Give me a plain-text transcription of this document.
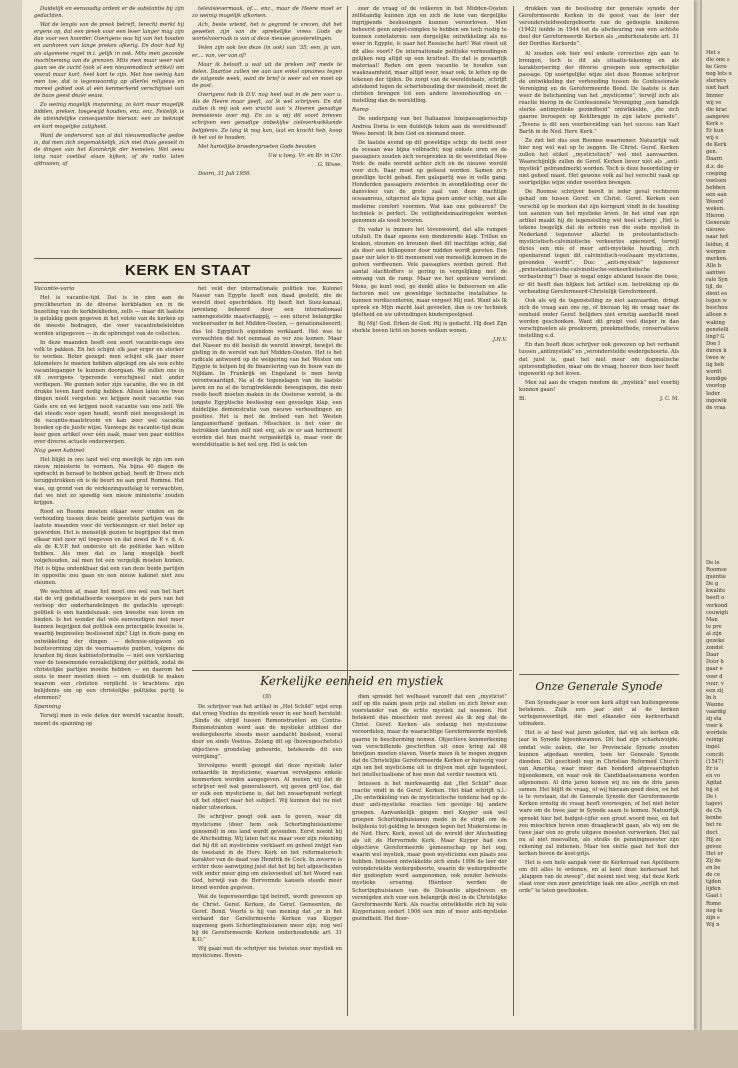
Duidelijk en eenvoudig ordent er de substantie bij zijn gedachten.

Wat de lengte van de preek betreft, terecht merkt hij ergens op, dat een preek voor een leser langer mag zijn dan voor een hoorder. Overigens was hij van het houden en aanhoren van lange preken afkerig. En door had hij als algemene regel m.i. gelijk in ook. Mits men gezonde inachtneming van de grenzen. Mits men maar weer niet gaan we de zucht (ook al een nieuwmodisch artikel) om vooral maar kort, heel kort te zijn. Met hoe weinig kan men toe, dat is tegenwoordig op allerlei religieus en moreel gebied ook al een kenmerkend verschijnsel van de boze geest dezer eeuw.

Zo weinig mogelijk inspanning, zo kort maar mogelijk bidden, preken, toegewijd houden, enz. enz. Feitelijk is de uiteindelijke consequentie hiervan: een zo beknopt en kort mogelijke zaligheid.

Want de ondervorst van al dat nieuwmodische gedoe is, dat men zich ongemakkelijk, zich niet thuis gevoelt in de dingen van het Koninkrijk der hemelen. Wel aeeu lang naar voetbal staan kijken, of de radio laten afdraaien, of

televisievermaak, of.... enz., maar de Heere moet er zo weinig mogelijk afkomen.

Ach, beste vriend, het is gegrond te vrezen, dat het geweten zijn van de sprekelijke vrees Gods de wortelvoorraak is van al deze nieuwe gezeterelingen.

Velen zijn ook ten deze (in ook) van '35; een, ja van, er.... van, ver van of!

Maar ik belooft u wat uit de preken zelf mede te delen. Daartoe zullen we aan aan enkel opnames tegen de volgende week, want de brief is weer vol en moet op de post.

Overigens heb ik D.V. nog heel wat in de pen voor u. Als de Heere maar geeft, zal ik wel schrijven. En dat zullen ik mij ook een vrucht van 's Heeren genadige bemoeienis over mij. En zo u wij dit soort brieven schrijven een genadige onbekijke zielsverkwikkende belijdenis. Zo lang ik nog kan, laat en kracht heb, koop ik het vol te houden.

Met hartelijke broedergroeten Gode bevolen

Uw u toeg. Vr. en Br. in Chr.

G. Wisse.

Doorn, 31 Juli 1956.

zeer de vraag of de volkeren in het Midden-Oosten zelfstandig kunnen zijn en zich de luxe van dergelijke ingrijpende beslissingen kunnen veroorloven. Men beheerst geen angst-complex te hebben om toch rustig te kunnen constateren: een dergelijke ontwikkeling als nu weer in Egypte, is naar het Russische hart! Wat vloeit uit dit alles voort? De internationale politieke verhoudingen gelijken nog altijd op een kruitvat. En dat is gevaarlijk materiaal! Reden om geen vacantie te houden van waakzaamheid, maar altijd weer, waar ook, te letten op de tekenen der tijden. De zorgt van de wereldstaats, schrijft afstekend tegen de schertsbouding der mensheid, moet de christen brengen tot een andere levenshouding en -instelling dan de wereldling.

Ramp

De ondergang van het Italiaanse luxepassagiersschip Andrea Doria is een duidelijk teken aan de wereldwand! Wees bereid: Ik ben God en niemand meer.

De laatste avond op dit geweldige schip: de tocht over de oceaan was bijna volbracht; nog enkele uren en de passagiers zouden zich verspreiden in de wereldstad New York: de oude wereld achter zich en de nieuwe wereld voor zich. Daar moet op gefeest worden. Samen zo'n gezellige tocht gehad. Een galapartij was in volle gang. Honderden passagiers zwierden in avondkleding over de dansvloer van de grote zaal van deze machtige oceaanreus, uitgerust als bijna geen ander schip, van alle moderne comfort voorzien. Wat kan ons gebeuren? De techniek is perfect. De veiligheidsmaatregelen worden genomen als nooit tevoren.

En vadar is immers het tovenwoord, dat alle rampen uitsluit. En daar opeens een donderende klap. Trillen en kraken, steunen en kreunen doet dit machtige schip, dat als door een blikopener door midden wordt gereten. Een paar uur later is dit monument van menselijk kunnen in de golven verdwenen. Vele passagiers worden gered. Het aantal slachtoffers is gering in vergelijking met de omvang van de ramp. Maar we het opnieuw verstond: Mens, ge kunt veel, ge denkt alles te beheersen en alle factoren met uw geweldige technische installaties te kunnen verdisconteren, maar vergeet Mij niet. Want als Ik spreek en Mijn macht laat gevoelen, dan is uw techniek ijdelheid en uw uitvindingen kinderspeelgoed.

Bij Mij! God. Erken de God. Hij is gedacht. Hij doet Zijn sterkte boven licht en boven wolken wonen.

J.H.V.

drukken van de beslissing der generale synode der Gereformeerde Kerken in de geest van de leer der verondersteldwedergeboorte van de gedoopte kinderen (1942) leidde in 1944 tot de afscheuring van een achtste deel der Gereformeerde Kerken als „onderhoudende art. 31 der Dordtse Kerkorde”.

Al zouden ook hier wel enkele correcties zijn aan te brengen, toch is dit als situatie-tekening en als karakterisering der diverse groepen een opmerkelijke passage. Op soortgelijke wijze ziet deze Roomse schrijver de ontwikkeling der verhouding tussen de Confessionele Vereniging en de Gereformeerde Bond. De laatste is dan weer de belichaming van het „mysticisme”, terwijl zich als reactie hierop in de Confessionele Vereniging „een tamelijk sterke antimystieke gezindheid” ontwikkelde, „die zich gaarne beroepen op Kohlbrugge in zijn latere periode”. „Tevens is dit een voorbereiding van het succes van Karl Barth in de Ned. Herv. Kerk.”

Zo ziet het dus een Roomse waarnemer. Natuurlijk valt hier nog wel wat op te zeggen. De Christ. Geref. Kerken zullen het etiket „mysticistisch” wel niet aanvaarden. Waarschijnlijk zullen de Geref. Kerken liever niet als „anti-mystiek” gebrandmerkt worden. Toch is deze beoordeling er niet geheel naast. Het gewone volk zal het verschil vaak op soortgelijke wijze onder woorden brengen.

De Roomse schrijver berelt in ieder geval rechteren gehad om tussen Geref. en Christ. Geref. Kerken een verschil op te merken dat zijn kernpunt vindt in de houding ten aanzien van het mystieke leven. In het eind van zijn artikel maakt hij de tegenstelling wel heel scherp: „Het is tekens toegelijk dat de erfenis van die oude mystiek in Nederland tegenover allerlei in protestantistisch-mysticistisch-calvinistische verkeertes spiereerd, terwijl dicies een mis of meer anti-mystieke houding, zich openbarend tegen dit calvinistisch-voelsaam mysticisme, gevonden wordt”. Dus: „anti-mystiek” tegenover „pretestantistische-calvinistische-verkeerlistische verbastering”! Daar is nogal enige afstand tussen die twee, er dit heeft dan blijken het artikel o.m. betrekking op de verhouding Gereformeerd-Christelijk Gereformeerd.

Ook als wij de tegenstelling zo niet aanvaarden, dringt zich de vraag aan ons op, of hieraan bij de vraag naar de eenheid onder Geref. belijders niet ernstig aandacht moet worden geschonken. Want dit gruipt veel dieper in dan verschijnselen als preekvorm, preekmethode, conservatieve instelling e.d.

En dan heeft deze schrijver ook gewezen op het verband tussen „antimystiek” en „veronderstelde wedergeboorte. Als dat juist is, gaat het niet meer om dogmatische spitsvondigheden, maar om de vraag, hoever deze leer heeft ingewerkt op het leven.

Men zal aan de vragen rondom de „mystiek” niet voorbij kunnen gaan!

Bl.	J. C. M.
KERK EN STAAT

Vacantie-varia

Het is vacantie-tijd. Dat is te zien aan de precikbeurten in de diverse kerkbladen en in de bezetting van de kerkbeklieden, zelfs — maar dit laatste is gelukkig geen gegeven in het volste van de kerken op de meeste bedragen, die voor vacantiebeleleiden worden uitgegeven — in de opbrengst van de collecten.

In deze maanden heeft een soort vacantie-rage ons volk te pakken. En het schijnt elk jaar erger en sterker te worden. Beter gezegd: men schijnt elk jaar meer kilometers te moeten hebben afgelegd om als een echte vacantieganger te kunnen doorgaan. We zullen ons in dit overigens typerende verschijnsel niet ander verdiepen. We gunnen ieder zijn vacantie, die we in dit drukke leven hard nodig hebben. Alleen laten we twee dingen noolt vergeten: we krijgen nooit vacantie van Gods ere en we krijgen nooit vacantie van ons zelf. We dat steeds voor ogen houdt, wordt niet meegesleept in de vacantie-maalstroom en kan zeer wel vacantie houden op de juiste wijze. Vanwege de vacantie-tijd deze keer geen artikel over één zaak, maar een paar notities over diverse actuele onderwerpen.

Nog geen kabinet

Het blijkt in ons land wel erg moeilijk te zijn om een nieuw ministerie te vormen. Na bijna 40 dagen de opdracht in beraad te hebben gehad, heeft dr Drees zich teruggetrokken en is de beurt nu aan prof. Romme. Het was, op grond van de verkiezingsuitslag te verwachten, dat we niet zo spoedig een nieuw ministerie zouden krijgen.

Rood en Rooms moeten elkaar weer vinden en de verhouding tussen deze beide grootste partijen was de laatste maanden voor de verkiezingen er niet beter op geworden. Het is menselijk gezien te begrijpen dat men elkaar niet zeer wil toegeven en dat zowel de P. v. d. A. als de K.V.P. het onderste uit de politieke kan willen hebben. Als men dat zo lang mogelijk heeft volgehouden, zal men tot een vergelijk moeten komen. Het is bijna ondenkbaar dat een van deze beide partijen in oppositie zou gaan en een nieuw kabinet niet zou steunen.

We wachten af, maar het moet ons wel van het hart dat de vrij gedetailleerde weergave in de pers van het verloop der onderhandelingen de gedachte oproept: politiek is een handelszaak: een kwestie van loven en bieden. Is het wonder dat vele eenvoudigen niet meer kunnen begrijpen dat politiek een principiële kwestie is, waarbij beginselen beslissend zijn? Ligt in deze gang en ontwikkeling der dingen — defensie-uitgaven en bezitsvorming zijn de voornaamste punten, volgens de kranten bij deze kabinetsformatie — niet een verklaring voor de toenemende verzakelijking der politiek, zodat de christelijke partijen moeite hebben — en daarom het eens te meer moeten doen — om duidelijk te maken waarom een christen verplicht is krachtens zijn belijdenis om op een christelijke politieke partij te stemmen?

Spanning

Terwijl men in vele delen der wereld vacantie houdt, neemt de spanning op

het veld der internationale politiek toe. Kolonel Nasser van Egypte heeft een daad gesteld, die de wereld doet opschrikken. Hij heeft het Suez-kanaal, jarenlang beheerd door een internationaal samengestelde maatschappij, — een uiterst belangrijke verkeersader in het Midden-Oosten, — genationaliseerd; dus tot Egyptisch eigendom verklaard. Het was te verwachten dat het eenmaal zo ver zou komen. Maar dat Nasser nu dit besluit de wereld inwerpt, bewijst de gisting in de wereld van het Midden-Oosten. Het is het radicale antwoord op de weigering van het Westen om Egypte te helpen bij de financiering van de bouw van de Nijldam. In Frankrijk en Engeland is men hevig verontwaardigd. Na al de tegenslagen van de laatste jaren en na al de terugtrekkende bewegingen, die men reeds heeft moeten maken in de Oosterse wereld, is de jongste Egyptische beslissing een gevoelige klap, een duidelijke demonstratie van nieuwe verhoudingen en posities. Het is met de invloed van het Westen langzamerhand gedaan. Misschien is het voor de betrokken landen zelf niet erg, als ze er aan herinnerd worden dat hun macht vergankelijk is, maar voor de wereldsituatie is het wel erg. Het is ook ten

Kerkelijke eenheid en mystiek

(II)

De schrijver van het artikel in „Het Schild” wijst erop dat vroeg Voetius de mystiek weer in eer heeft hersteld: „Sinds de strijd tussen Remonstranten en Contra-Remonstranten werd aan de mystieke uitbloei der wedergeboorte steeds meer aandacht besteed, vooral door en sinds Voetius. Zolang dit op (bovengeschetste) objectieve grondslag gebeurde, betekende dit een verrijking”.

Vervolgens wordt gezegd dat deze mystiek later ontaardde in mysticisme, waarvan vervolgens enkele kenmerken worden aangegeven. Al menen wij dat de schrijver wel wat generaliseert, wij geven grif toe, dat er zulk een mysticisme is, dat het zwaartepunt verlegt uit het object naar het subject. Wij kunnen dat nu niet nader uitwerken.

De schrijver poogt ook aan te geven, waar dit mysticisme (door hem ook Schortinghuisianisme genoemd) in ons land wordt gevonden. Eerst noemt hij de Afscheiding. Wij laten het nu maar voor zijn rekening dat hij dit uit mysticisme verklaart en geheel zwijgt van de toestand in de Herv. Kerk en het reformatorisch karakter van de daad van Hendrik de Cock. In zoverre is echter deze aanwijzing juist dat het bij het afgescheiden volk onder meer ging om zielsvoedsel uit het Woord van God, terwijl van de Hervormde kansels steeds meer brood werden gegeven.

Wat de tegenwoordige tijd betreft, wordt gewezen op de Christ. Geref. Kerken, de Geref. Gemeenten, de Geref. Bond. Voorts is hij van mening dat „er in het verband der Gereformeerde Kerken van Kuyper nagenoeg geen Schortinghuisianen meer zijn; nog wel bij de Gereformeerde Kerken onderhoudende art. 31 K.O.”

Wij gaan met de schrijver nie twisten over mystiek en mysticisme. Boven-

dien spreekt het welhaast vanzelf dat een „mysticist” zelf op die naam geen prijs zal stellen en zich liever een voorstander van de echte mystiek zal noemen. Het betekent dus misschien niet zoveel als ik zeg dat de Christ. Geref. Kerken als zodanig het mysticisme veroordelen, maar de waarachtige Gereformeerde mystiek gaarne in bescherming nemen. Objectieve kenmerkening van verschillende geschriften uit onze kring zal dit bewijzen moeten staven. Voorts meen ik te mogen zeggen dat de Christelijke Gereformeerde Kerken er huiverig voor zijn om het mysticisme uit te drijven met zijn tegendeel, het intellectualisme of hoe men dat verder noemen wil.

Intussen is het merkwaardig dat „Het Schild” deze reactie vindt in de Geref. Kerken. Het blad schrijft n.l.: „De ontwikkeling van de mysticistische tendenz had op de duur anti-mystieke reacties ten gevolge bij andere groepen. Aanvankelijk gingen met Kuyper ook wel groepen Schortinghuisianen mede in de strijd om de belijdenis tot gelding te brengen tegen het Modernisme in de Ned. Herv. Kerk, zowel uit de wereld der Afscheiding als uit de Hervormde Kerk. Maar Kuyper had een objectieve Gereformeerde gemeenschap op het oog, waarin wel mystiek, maar geen mysticisme een plaats zou hebben. Intussen ontwikkelde zich sinds 1906 de leer der veronderstelde wedergeboorte, waarin de wedergeboorte der gedoopten werd aangenomen, ook zonder bewuste mystieke ervaring. Hierdoor werden de Schortinghuisianen van de Doleantie afgedreven en verenigden zich voor een belangrijk deel in de Christelijke Gereformeerde Kerk. Als reactie ontwikkelde zich bij vele Kuyperianen sedert 1906 een min of meer anti-mystieke gezindheid. Het door-

Onze Generale Synode

Een Synode-jaar is voor een kerk altijd van buitengewone betekenis. Zulk een jaar ziet al de kerken vertegenwoordigd, die met elkander één kerkverband uitmaken.

Het is al heel wat jaren geleden, dat wij als kerken elk jaar in Synode bijeenkwamen. Dit had zijn schaduwzijde, omdat vele zaken, die ter Provinciale Synode zouden kunnen afgedaan worden, toen ter Generale Synode dienden. Dit geschiedt nog in Christian Reformed Church van Amerika, waar meer dan honderd afgevaardigden bijeenkomen, en waar ook de Candidaatsexamens worden afgenomen. Al drie jaren komen wij nu om de drie jaren samen. Het blijft de vraag, of wij hieraan goed doen, en het is te verstaan, dat de Generale Synode der Gereformeerde Kerken ernstig de vraag heeft overwogen, of het niet beter ware om de twee jaar in Synode saam te komen. Natuurlijk spreekt hier het budget-cijfer een groot woord mee, en het zou misschien boven onze draagkracht gaan, als wij om de twee jaar een zo grote uitgave moesten verwerken. Het zal nu al niet meevallen, als straks de penningmeester zijn rekening zal indienen. Maar ten slotte gaat het heil der kerken boven de kost-prijs.

Het is een hele aanpak voor de Kerkeraad van Apeldoorn om dit alles te ordenen, en al kent deze kerkeraad het „klappen van de zweep”, dat neemt niet weg, dat deze Kerk staat voor een zeer gewichtige taak om alles „eerlijk en met orde” te laten geschieden.

Het s
die one s
ke Gero
nog lets u
steriers
niet hart
Immer
wij ve
die krac
aangewe
Kerk s
Er kun
wij o
de Kerk
gen.
Daarn
d.z. de
coeping
voetsen
hebben
een aan
Woord
weken.
Hieron
Generale
nieuwe
naar het
leiden, d
werpen
merken.
Alle b
aantwo
rale Syn
lijl, de
dient ee
tegen w
beschou
alleen n
waking
genstelli
ling? G
Doe I
duren h
twee w
lig beh
wordt
kondige
voorlop
Ieder
ingewik
de vraa
De le
Roomse
quentie
De g
kwalite
heeft o
verkond
ceuwigh
Man
te pre
al zijn
gezeke
zondst
Daar
Door h
gaar e
voor d
vuur, v
een zij
In h
Wanne
vaardig
zij sta
voor k
wordele
reinigi
ingel.
conciti
(1547)
Er is
en vo
Agitat
hij st
De i
tagevi
de Ch
kenbe
het re
doct
Hij ze
gevoe
Het er
Zij de
en be
de ce
tijden
lijden
Gaat i
Rome
nog te
zijn s
Wij n
